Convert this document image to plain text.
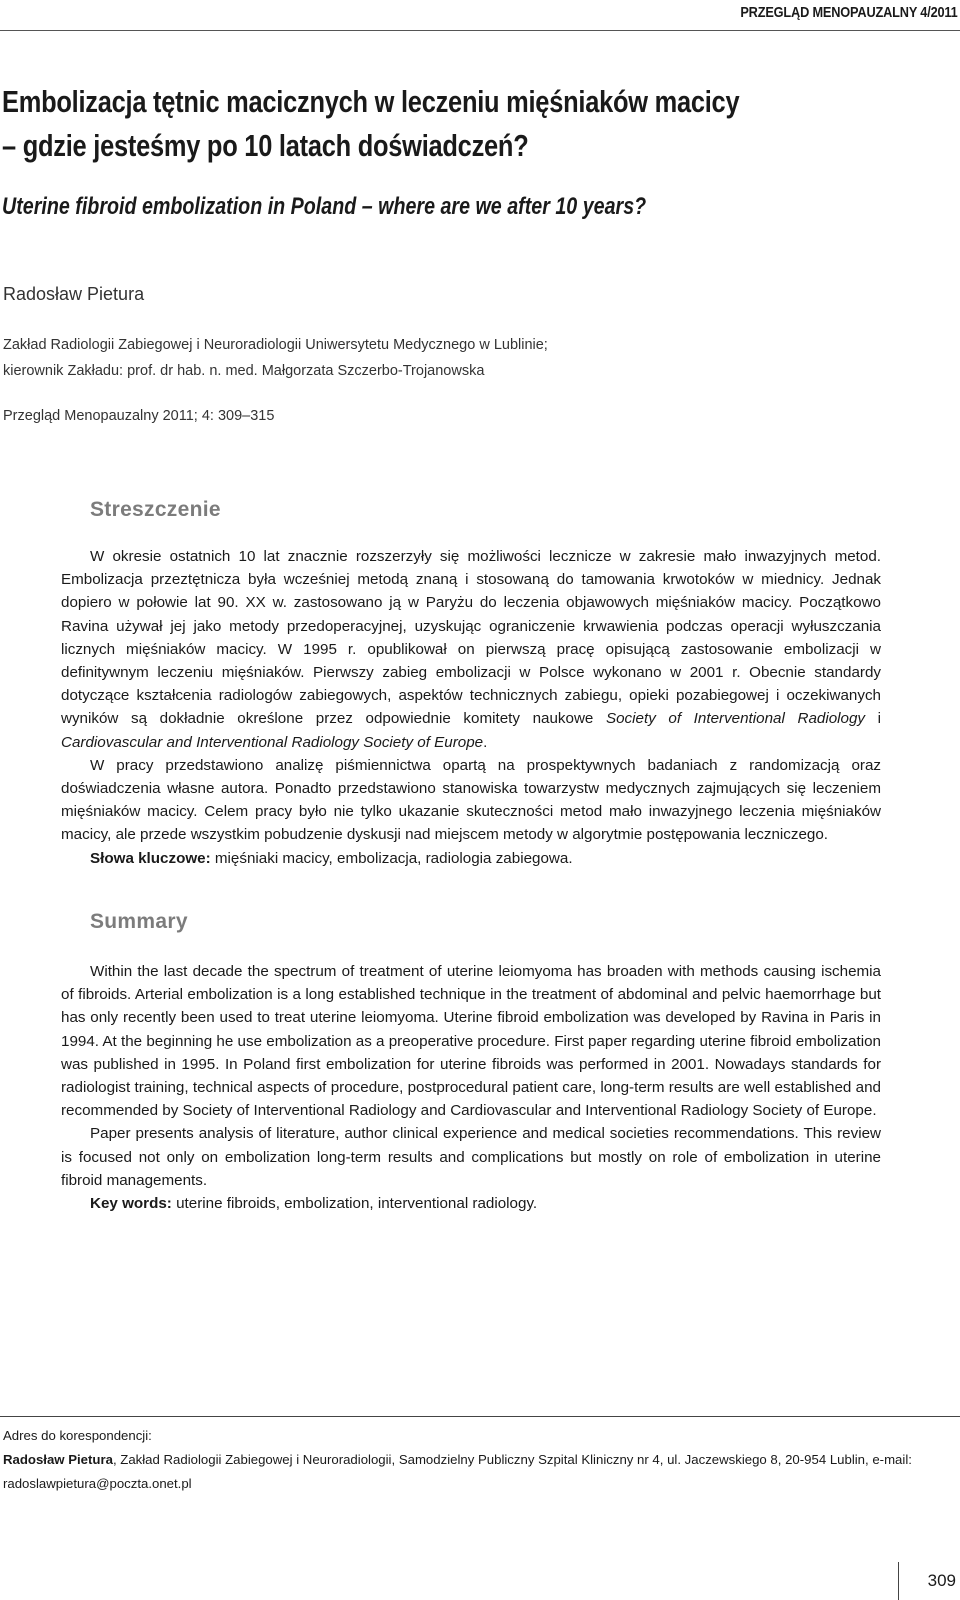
PRZEGLĄD MENOPAUZALNY 4/2011
Embolizacja tętnic macicznych w leczeniu mięśniaków macicy
– gdzie jesteśmy po 10 latach doświadczeń?
Uterine fibroid embolization in Poland – where are we after 10 years?
Radosław Pietura
Zakład Radiologii Zabiegowej i Neuroradiologii Uniwersytetu Medycznego w Lublinie;
kierownik Zakładu: prof. dr hab. n. med. Małgorzata Szczerbo-Trojanowska
Przegląd Menopauzalny 2011; 4: 309–315
Streszczenie

W okresie ostatnich 10 lat znacznie rozszerzyły się możliwości lecznicze w zakresie mało inwazyjnych metod. Embolizacja przeztętnicza była wcześniej metodą znaną i stosowaną do tamowania krwotoków w miednicy. Jednak dopiero w połowie lat 90. XX w. zastosowano ją w Paryżu do leczenia objawowych mięśniaków macicy. Początkowo Ravina używał jej jako metody przedoperacyjnej, uzyskując ograniczenie krwawienia podczas operacji wyłuszczania licznych mięśniaków macicy. W 1995 r. opublikował on pierwszą pracę opisującą zastosowanie embolizacji w definitywnym leczeniu mięśniaków. Pierwszy zabieg embolizacji w Polsce wykonano w 2001 r. Obecnie standardy dotyczące kształcenia radiologów zabiegowych, aspektów technicznych zabiegu, opieki pozabiegowej i oczekiwanych wyników są dokładnie określone przez odpowiednie komitety naukowe Society of Interventional Radiology i Cardiovascular and Interventional Radiology Society of Europe.

W pracy przedstawiono analizę piśmiennictwa opartą na prospektywnych badaniach z randomizacją oraz doświadczenia własne autora. Ponadto przedstawiono stanowiska towarzystw medycznych zajmujących się leczeniem mięśniaków macicy. Celem pracy było nie tylko ukazanie skuteczności metod mało inwazyjnego leczenia mięśniaków macicy, ale przede wszystkim pobudzenie dyskusji nad miejscem metody w algorytmie postępowania leczniczego.

Słowa kluczowe: mięśniaki macicy, embolizacja, radiologia zabiegowa.

Summary

Within the last decade the spectrum of treatment of uterine leiomyoma has broaden with methods causing ischemia of fibroids. Arterial embolization is a long established technique in the treatment of abdominal and pelvic haemorrhage but has only recently been used to treat uterine leiomyoma. Uterine fibroid embolization was developed by Ravina in Paris in 1994. At the beginning he use embolization as a preoperative procedure. First paper regarding uterine fibroid embolization was published in 1995. In Poland first embolization for uterine fibroids was performed in 2001. Nowadays standards for radiologist training, technical aspects of procedure, postprocedural patient care, long-term results are well established and recommended by Society of Interventional Radiology and Cardiovascular and Interventional Radiology Society of Europe.

Paper presents analysis of literature, author clinical experience and medical societies recommendations. This review is focused not only on embolization long-term results and complications but mostly on role of embolization in uterine fibroid managements.

Key words: uterine fibroids, embolization, interventional radiology.

Adres do korespondencji:
Radosław Pietura, Zakład Radiologii Zabiegowej i Neuroradiologii, Samodzielny Publiczny Szpital Kliniczny nr 4, ul. Jaczewskiego 8, 20-954 Lublin, e-mail: radoslawpietura@poczta.onet.pl
309
